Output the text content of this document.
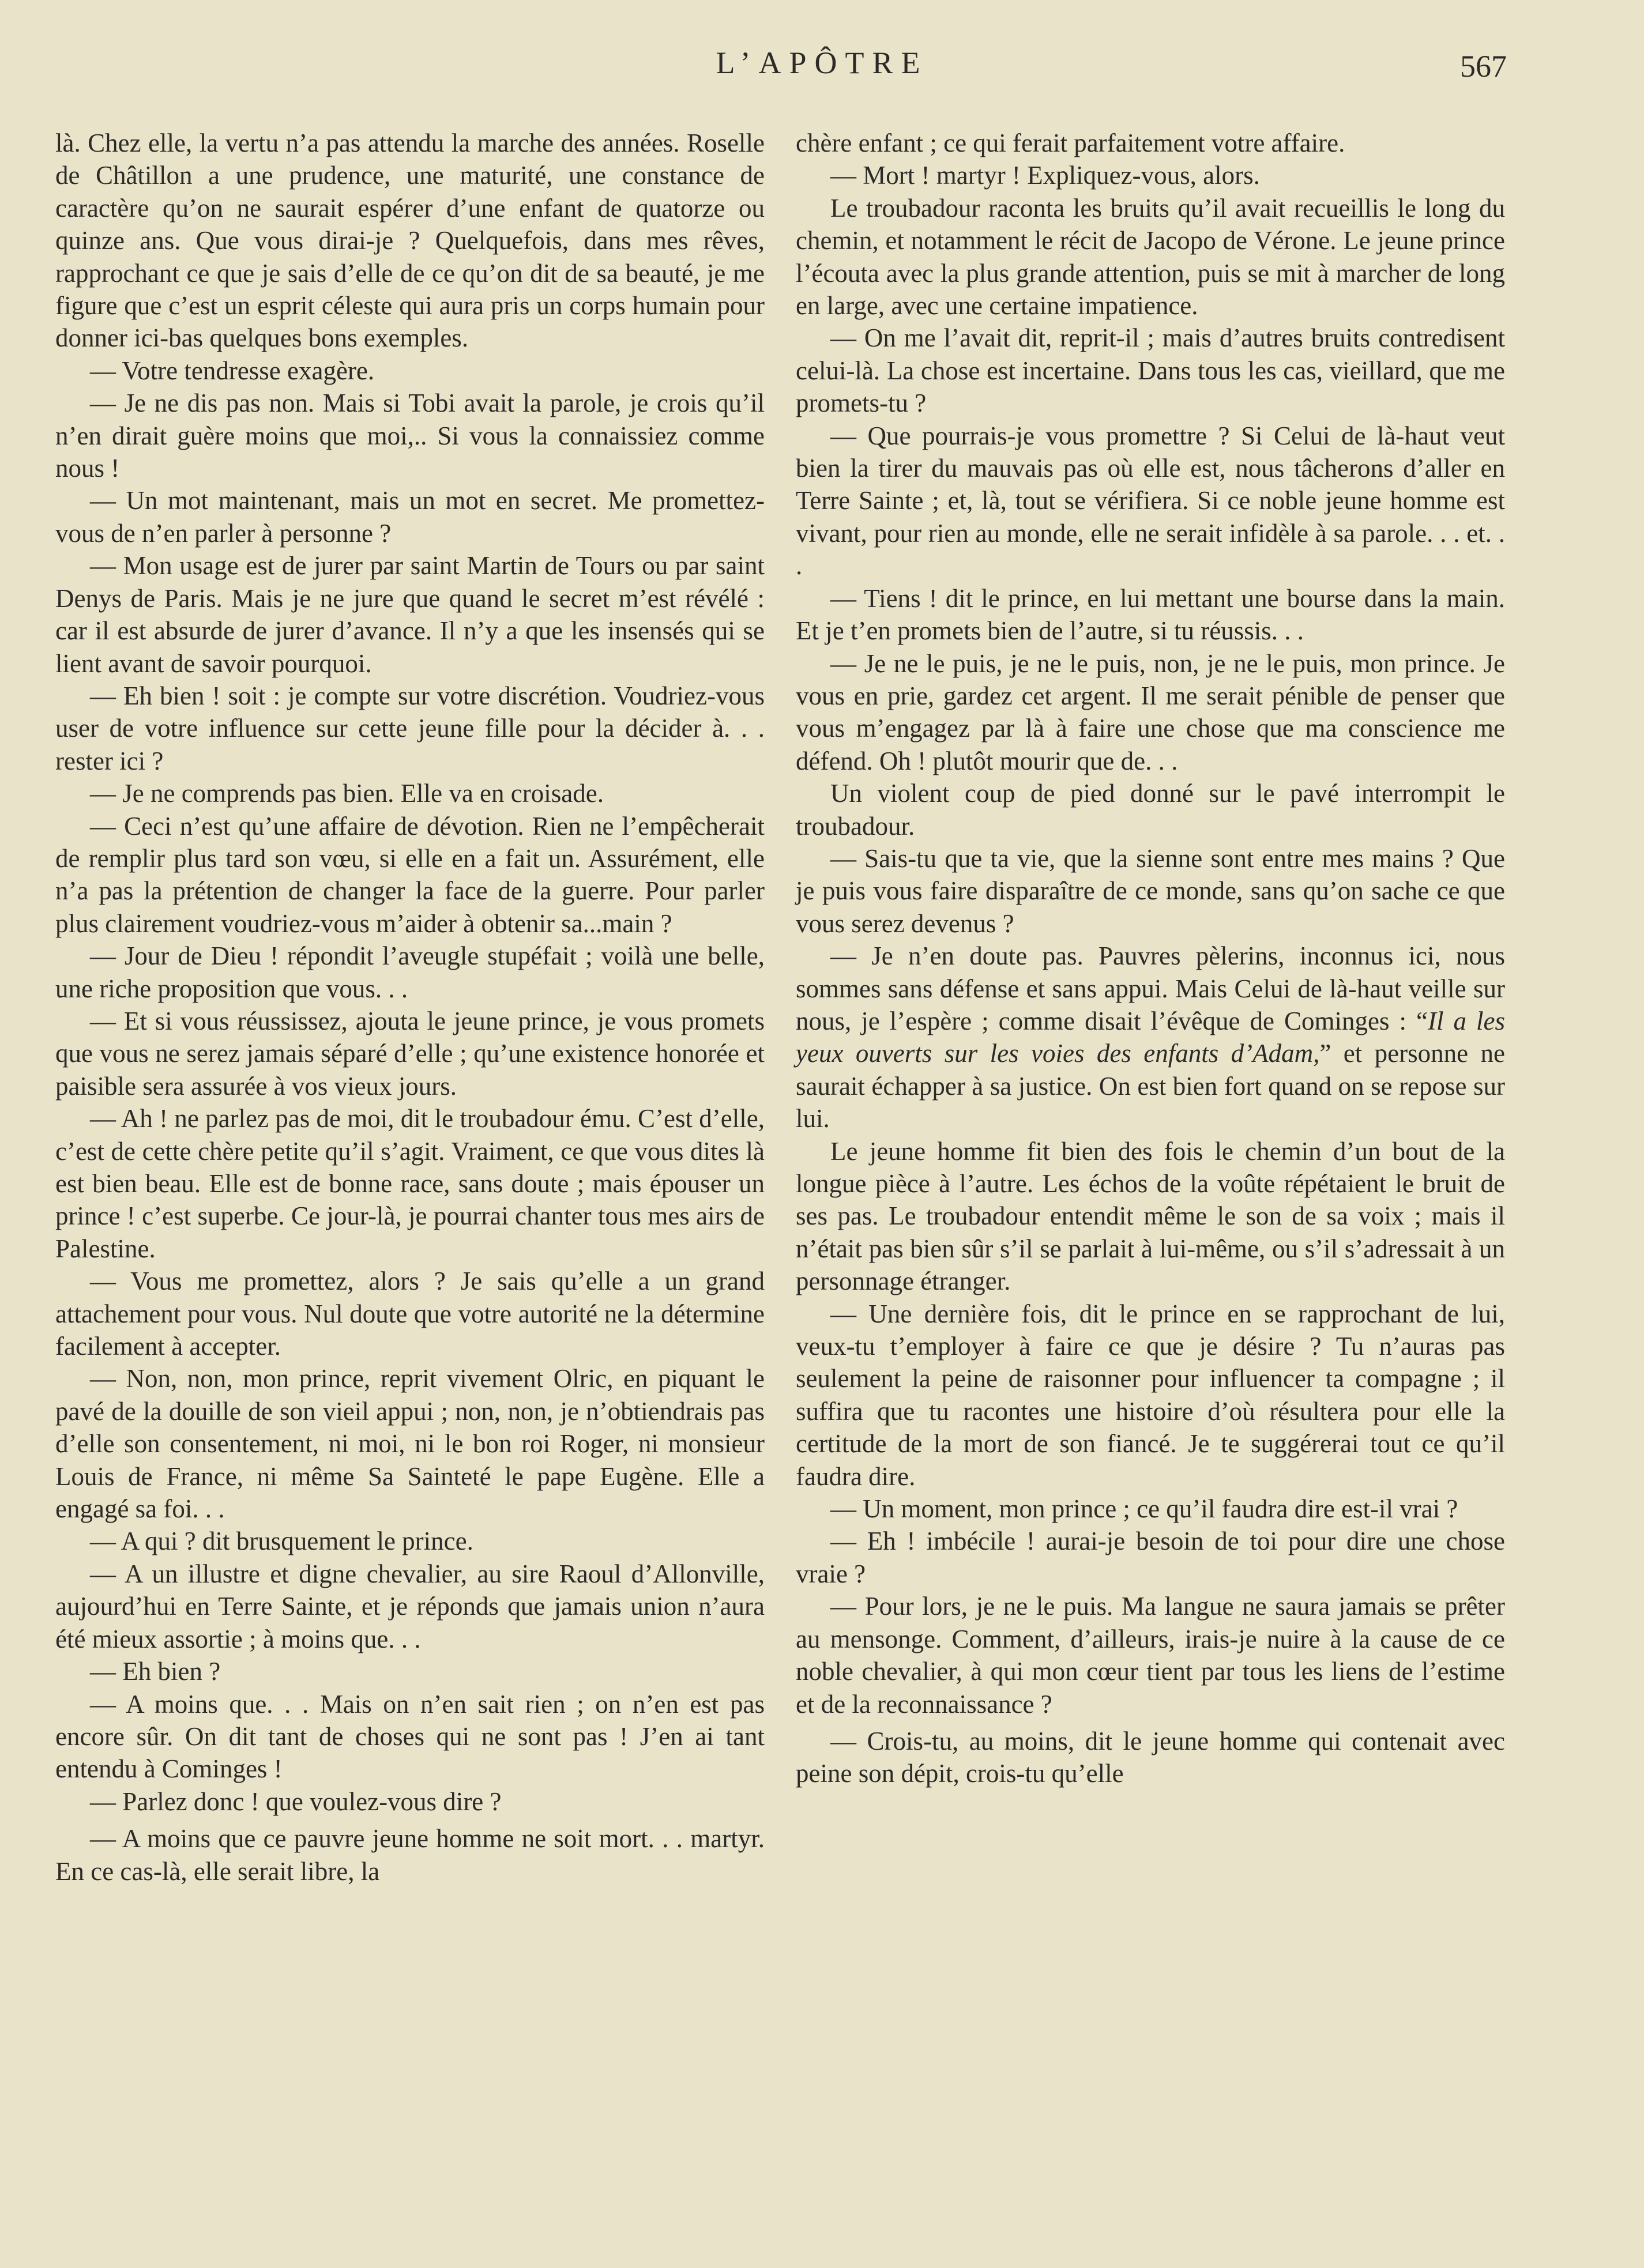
L’APÔTRE	567

là. Chez elle, la vertu n’a pas attendu la marche des années. Roselle de Châtillon a une prudence, une maturité, une constance de caractère qu’on ne saurait espérer d’une enfant de quatorze ou quinze ans. Que vous dirai-je ? Quelquefois, dans mes rêves, rapprochant ce que je sais d’elle de ce qu’on dit de sa beauté, je me figure que c’est un esprit céleste qui aura pris un corps humain pour donner ici-bas quelques bons exemples.

— Votre tendresse exagère.

— Je ne dis pas non. Mais si Tobi avait la parole, je crois qu’il n’en dirait guère moins que moi,.. Si vous la connaissiez comme nous !

— Un mot maintenant, mais un mot en secret. Me promettez-vous de n’en parler à personne ?

— Mon usage est de jurer par saint Martin de Tours ou par saint Denys de Paris. Mais je ne jure que quand le secret m’est révélé : car il est absurde de jurer d’avance. Il n’y a que les insensés qui se lient avant de savoir pourquoi.

— Eh bien ! soit : je compte sur votre discrétion. Voudriez-vous user de votre influence sur cette jeune fille pour la décider à. . . rester ici ?

— Je ne comprends pas bien. Elle va en croisade.

— Ceci n’est qu’une affaire de dévotion. Rien ne l’empêcherait de remplir plus tard son vœu, si elle en a fait un. Assurément, elle n’a pas la prétention de changer la face de la guerre. Pour parler plus clairement voudriez-vous m’aider à obtenir sa...main ?

— Jour de Dieu ! répondit l’aveugle stupéfait ; voilà une belle, une riche proposition que vous. . .

— Et si vous réussissez, ajouta le jeune prince, je vous promets que vous ne serez jamais séparé d’elle ; qu’une existence honorée et paisible sera assurée à vos vieux jours.

— Ah ! ne parlez pas de moi, dit le troubadour ému. C’est d’elle, c’est de cette chère petite qu’il s’agit. Vraiment, ce que vous dites là est bien beau. Elle est de bonne race, sans doute ; mais épouser un prince ! c’est superbe. Ce jour-là, je pourrai chanter tous mes airs de Palestine.

— Vous me promettez, alors ? Je sais qu’elle a un grand attachement pour vous. Nul doute que votre autorité ne la détermine facilement à accepter.

— Non, non, mon prince, reprit vivement Olric, en piquant le pavé de la douille de son vieil appui ; non, non, je n’obtiendrais pas d’elle son consentement, ni moi, ni le bon roi Roger, ni monsieur Louis de France, ni même Sa Sainteté le pape Eugène. Elle a engagé sa foi. . .

— A qui ? dit brusquement le prince.

— A un illustre et digne chevalier, au sire Raoul d’Allonville, aujourd’hui en Terre Sainte, et je réponds que jamais union n’aura été mieux assortie ; à moins que. . .

— Eh bien ?

— A moins que. . . Mais on n’en sait rien ; on n’en est pas encore sûr. On dit tant de choses qui ne sont pas ! J’en ai tant entendu à Cominges !

— Parlez donc ! que voulez-vous dire ?

— A moins que ce pauvre jeune homme ne soit mort. . . martyr. En ce cas-là, elle serait libre, la

chère enfant ; ce qui ferait parfaitement votre affaire.

— Mort ! martyr ! Expliquez-vous, alors.

Le troubadour raconta les bruits qu’il avait recueillis le long du chemin, et notamment le récit de Jacopo de Vérone. Le jeune prince l’écouta avec la plus grande attention, puis se mit à marcher de long en large, avec une certaine impatience.

— On me l’avait dit, reprit-il ; mais d’autres bruits contredisent celui-là. La chose est incertaine. Dans tous les cas, vieillard, que me promets-tu ?

— Que pourrais-je vous promettre ? Si Celui de là-haut veut bien la tirer du mauvais pas où elle est, nous tâcherons d’aller en Terre Sainte ; et, là, tout se vérifiera. Si ce noble jeune homme est vivant, pour rien au monde, elle ne serait infidèle à sa parole. . . et. . .

— Tiens ! dit le prince, en lui mettant une bourse dans la main. Et je t’en promets bien de l’autre, si tu réussis. . .

— Je ne le puis, je ne le puis, non, je ne le puis, mon prince. Je vous en prie, gardez cet argent. Il me serait pénible de penser que vous m’engagez par là à faire une chose que ma conscience me défend. Oh ! plutôt mourir que de. . .

Un violent coup de pied donné sur le pavé interrompit le troubadour.

— Sais-tu que ta vie, que la sienne sont entre mes mains ? Que je puis vous faire disparaître de ce monde, sans qu’on sache ce que vous serez devenus ?

— Je n’en doute pas. Pauvres pèlerins, inconnus ici, nous sommes sans défense et sans appui. Mais Celui de là-haut veille sur nous, je l’espère ; comme disait l’évêque de Cominges : “Il a les yeux ouverts sur les voies des enfants d’Adam,” et personne ne saurait échapper à sa justice. On est bien fort quand on se repose sur lui.

Le jeune homme fit bien des fois le chemin d’un bout de la longue pièce à l’autre. Les échos de la voûte répétaient le bruit de ses pas. Le troubadour entendit même le son de sa voix ; mais il n’était pas bien sûr s’il se parlait à lui-même, ou s’il s’adressait à un personnage étranger.

— Une dernière fois, dit le prince en se rapprochant de lui, veux-tu t’employer à faire ce que je désire ? Tu n’auras pas seulement la peine de raisonner pour influencer ta compagne ; il suffira que tu racontes une histoire d’où résultera pour elle la certitude de la mort de son fiancé. Je te suggérerai tout ce qu’il faudra dire.

— Un moment, mon prince ; ce qu’il faudra dire est-il vrai ?

— Eh ! imbécile ! aurai-je besoin de toi pour dire une chose vraie ?

— Pour lors, je ne le puis. Ma langue ne saura jamais se prêter au mensonge. Comment, d’ailleurs, irais-je nuire à la cause de ce noble chevalier, à qui mon cœur tient par tous les liens de l’estime et de la reconnaissance ?

— Crois-tu, au moins, dit le jeune homme qui contenait avec peine son dépit, crois-tu qu’elle
